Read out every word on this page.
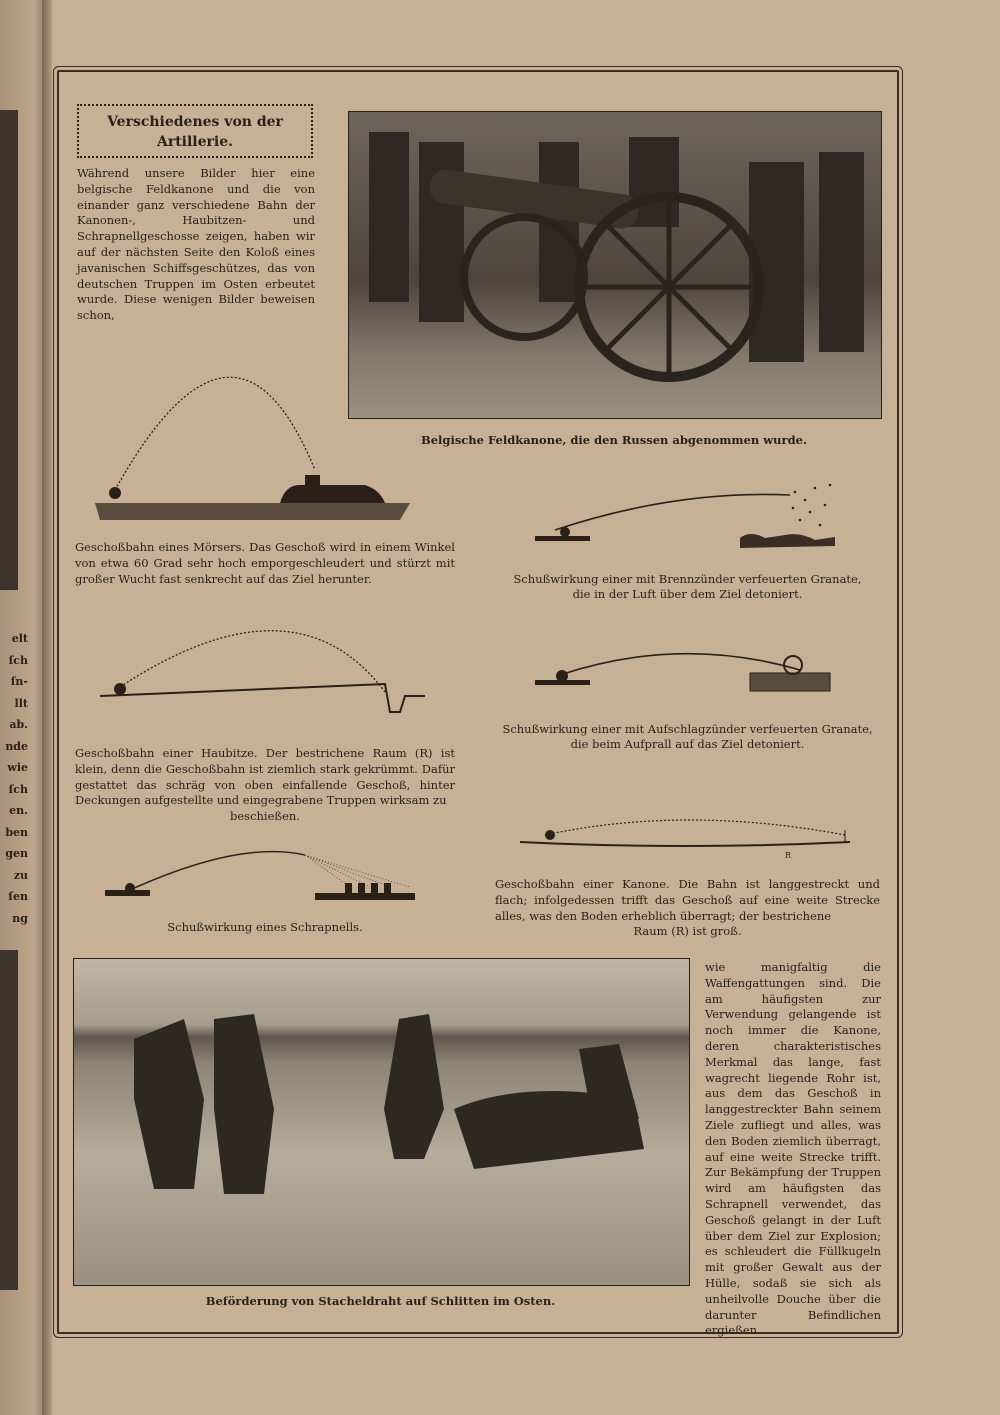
elt
ſch
ſn-
llt
ab.
nde
wie
ſch
en.
ben
gen
zu
ſen
ng
Verschiedenes von der
Artillerie.
Während unsere Bilder hier eine belgische Feldkanone und die von einander ganz verschiedene Bahn der Kanonen-, Haubitzen- und Schrapnellgeschosse zeigen, haben wir auf der nächsten Seite den Koloß eines javanischen Schiffsgeschützes, das von deutschen Truppen im Osten erbeutet wurde. Diese wenigen Bilder beweisen schon,
Belgische Feldkanone, die den Russen abgenommen wurde.
Geschoßbahn eines Mörsers. Das Geschoß wird in einem Winkel von etwa 60 Grad sehr hoch emporgeschleudert und stürzt mit großer Wucht fast senkrecht auf das Ziel herunter.	Schußwirkung einer mit Brennzünder verfeuerten Granate,
die in der Luft über dem Ziel detoniert.
Schußwirkung einer mit Aufschlagzünder verfeuerten Granate,
die beim Aufprall auf das Ziel detoniert.
Geschoßbahn einer Haubitze. Der bestrichene Raum (R) ist klein, denn die Geschoßbahn ist ziemlich stark gekrümmt. Dafür gestattet das schräg von oben einfallende Geschoß, hinter Deckungen aufgestellte und eingegrabene Truppen wirksam zu
beschießen.
R
Geschoßbahn einer Kanone. Die Bahn ist langgestreckt und flach; infolgedessen trifft das Geschoß auf eine weite Strecke alles, was den Boden erheblich überragt; der bestrichene
Raum (R) ist groß.
Schußwirkung eines Schrapnells.
Beförderung von Stacheldraht auf Schlitten im Osten.
wie manigfaltig die Waffengattungen sind. Die am häufigsten zur Verwendung gelangende ist noch immer die Kanone, deren charakteristisches Merkmal das lange, fast wagrecht liegende Rohr ist, aus dem das Geschoß in langgestreckter Bahn seinem Ziele zufliegt und alles, was den Boden ziemlich überragt, auf eine weite Strecke trifft. Zur Bekämpfung der Truppen wird am häufigsten das Schrapnell verwendet, das Geschoß gelangt in der Luft über dem Ziel zur Explosion; es schleudert die Füllkugeln mit großer Gewalt aus der Hülle, sodaß sie sich als unheilvolle Douche über die darunter Befindlichen ergießen.
